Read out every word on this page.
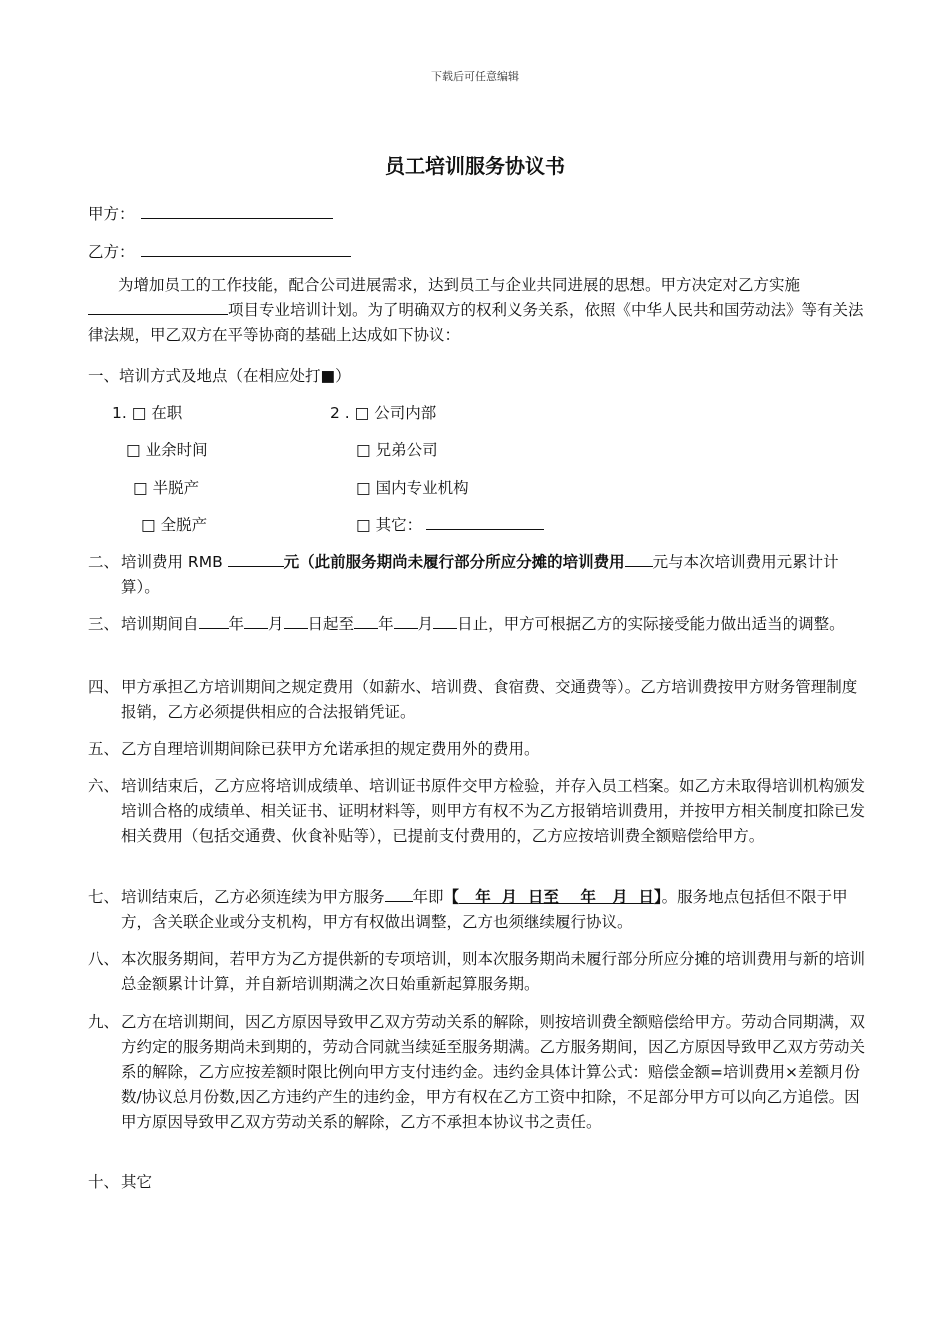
下载后可任意编辑
员工培训服务协议书
甲方：
乙方：
为增加员工的工作技能，配合公司进展需求，达到员工与企业共同进展的思想。甲方决定对乙方实施项目专业培训计划。为了明确双方的权利义务关系，依照《中华人民共和国劳动法》等有关法律法规，甲乙双方在平等协商的基础上达成如下协议：
一、培训方式及地点（在相应处打■）
1. □ 在职
□ 业余时间
□ 半脱产
□ 全脱产
2 . □ 公司内部
□ 兄弟公司
□ 国内专业机构
□ 其它：
二、 培训费用 RMB	元（此前服务期尚未履行部分所应分摊的培训费用 元与本次培训费用元累计计算）。
三、 培训期间自 年 月 日起至 年 月 日止，甲方可根据乙方的实际接受能力做出适当的调整。
四、 甲方承担乙方培训期间之规定费用（如薪水、培训费、食宿费、交通费等）。乙方培训费按甲方财务管理制度报销，乙方必须提供相应的合法报销凭证。
五、 乙方自理培训期间除已获甲方允诺承担的规定费用外的费用。
六、 培训结束后，乙方应将培训成绩单、培训证书原件交甲方检验，并存入员工档案。如乙方未取得培训机构颁发培训合格的成绩单、相关证书、证明材料等，则甲方有权不为乙方报销培训费用，并按甲方相关制度扣除已发相关费用（包括交通费、伙食补贴等），已提前支付费用的，乙方应按培训费全额赔偿给甲方。
七、 培训结束后，乙方必须连续为甲方服务 年即【   年  月  日至    年   月  日】。服务地点包括但不限于甲方，含关联企业或分支机构，甲方有权做出调整，乙方也须继续履行协议。
八、 本次服务期间，若甲方为乙方提供新的专项培训，则本次服务期尚未履行部分所应分摊的培训费用与新的培训总金额累计计算，并自新培训期满之次日始重新起算服务期。
九、 乙方在培训期间，因乙方原因导致甲乙双方劳动关系的解除，则按培训费全额赔偿给甲方。劳动合同期满，双方约定的服务期尚未到期的，劳动合同就当续延至服务期满。乙方服务期间，因乙方原因导致甲乙双方劳动关系的解除，乙方应按差额时限比例向甲方支付违约金。违约金具体计算公式：赔偿金额=培训费用×差额月份数/协议总月份数,因乙方违约产生的违约金，甲方有权在乙方工资中扣除，不足部分甲方可以向乙方追偿。因甲方原因导致甲乙双方劳动关系的解除，乙方不承担本协议书之责任。
十、 其它
